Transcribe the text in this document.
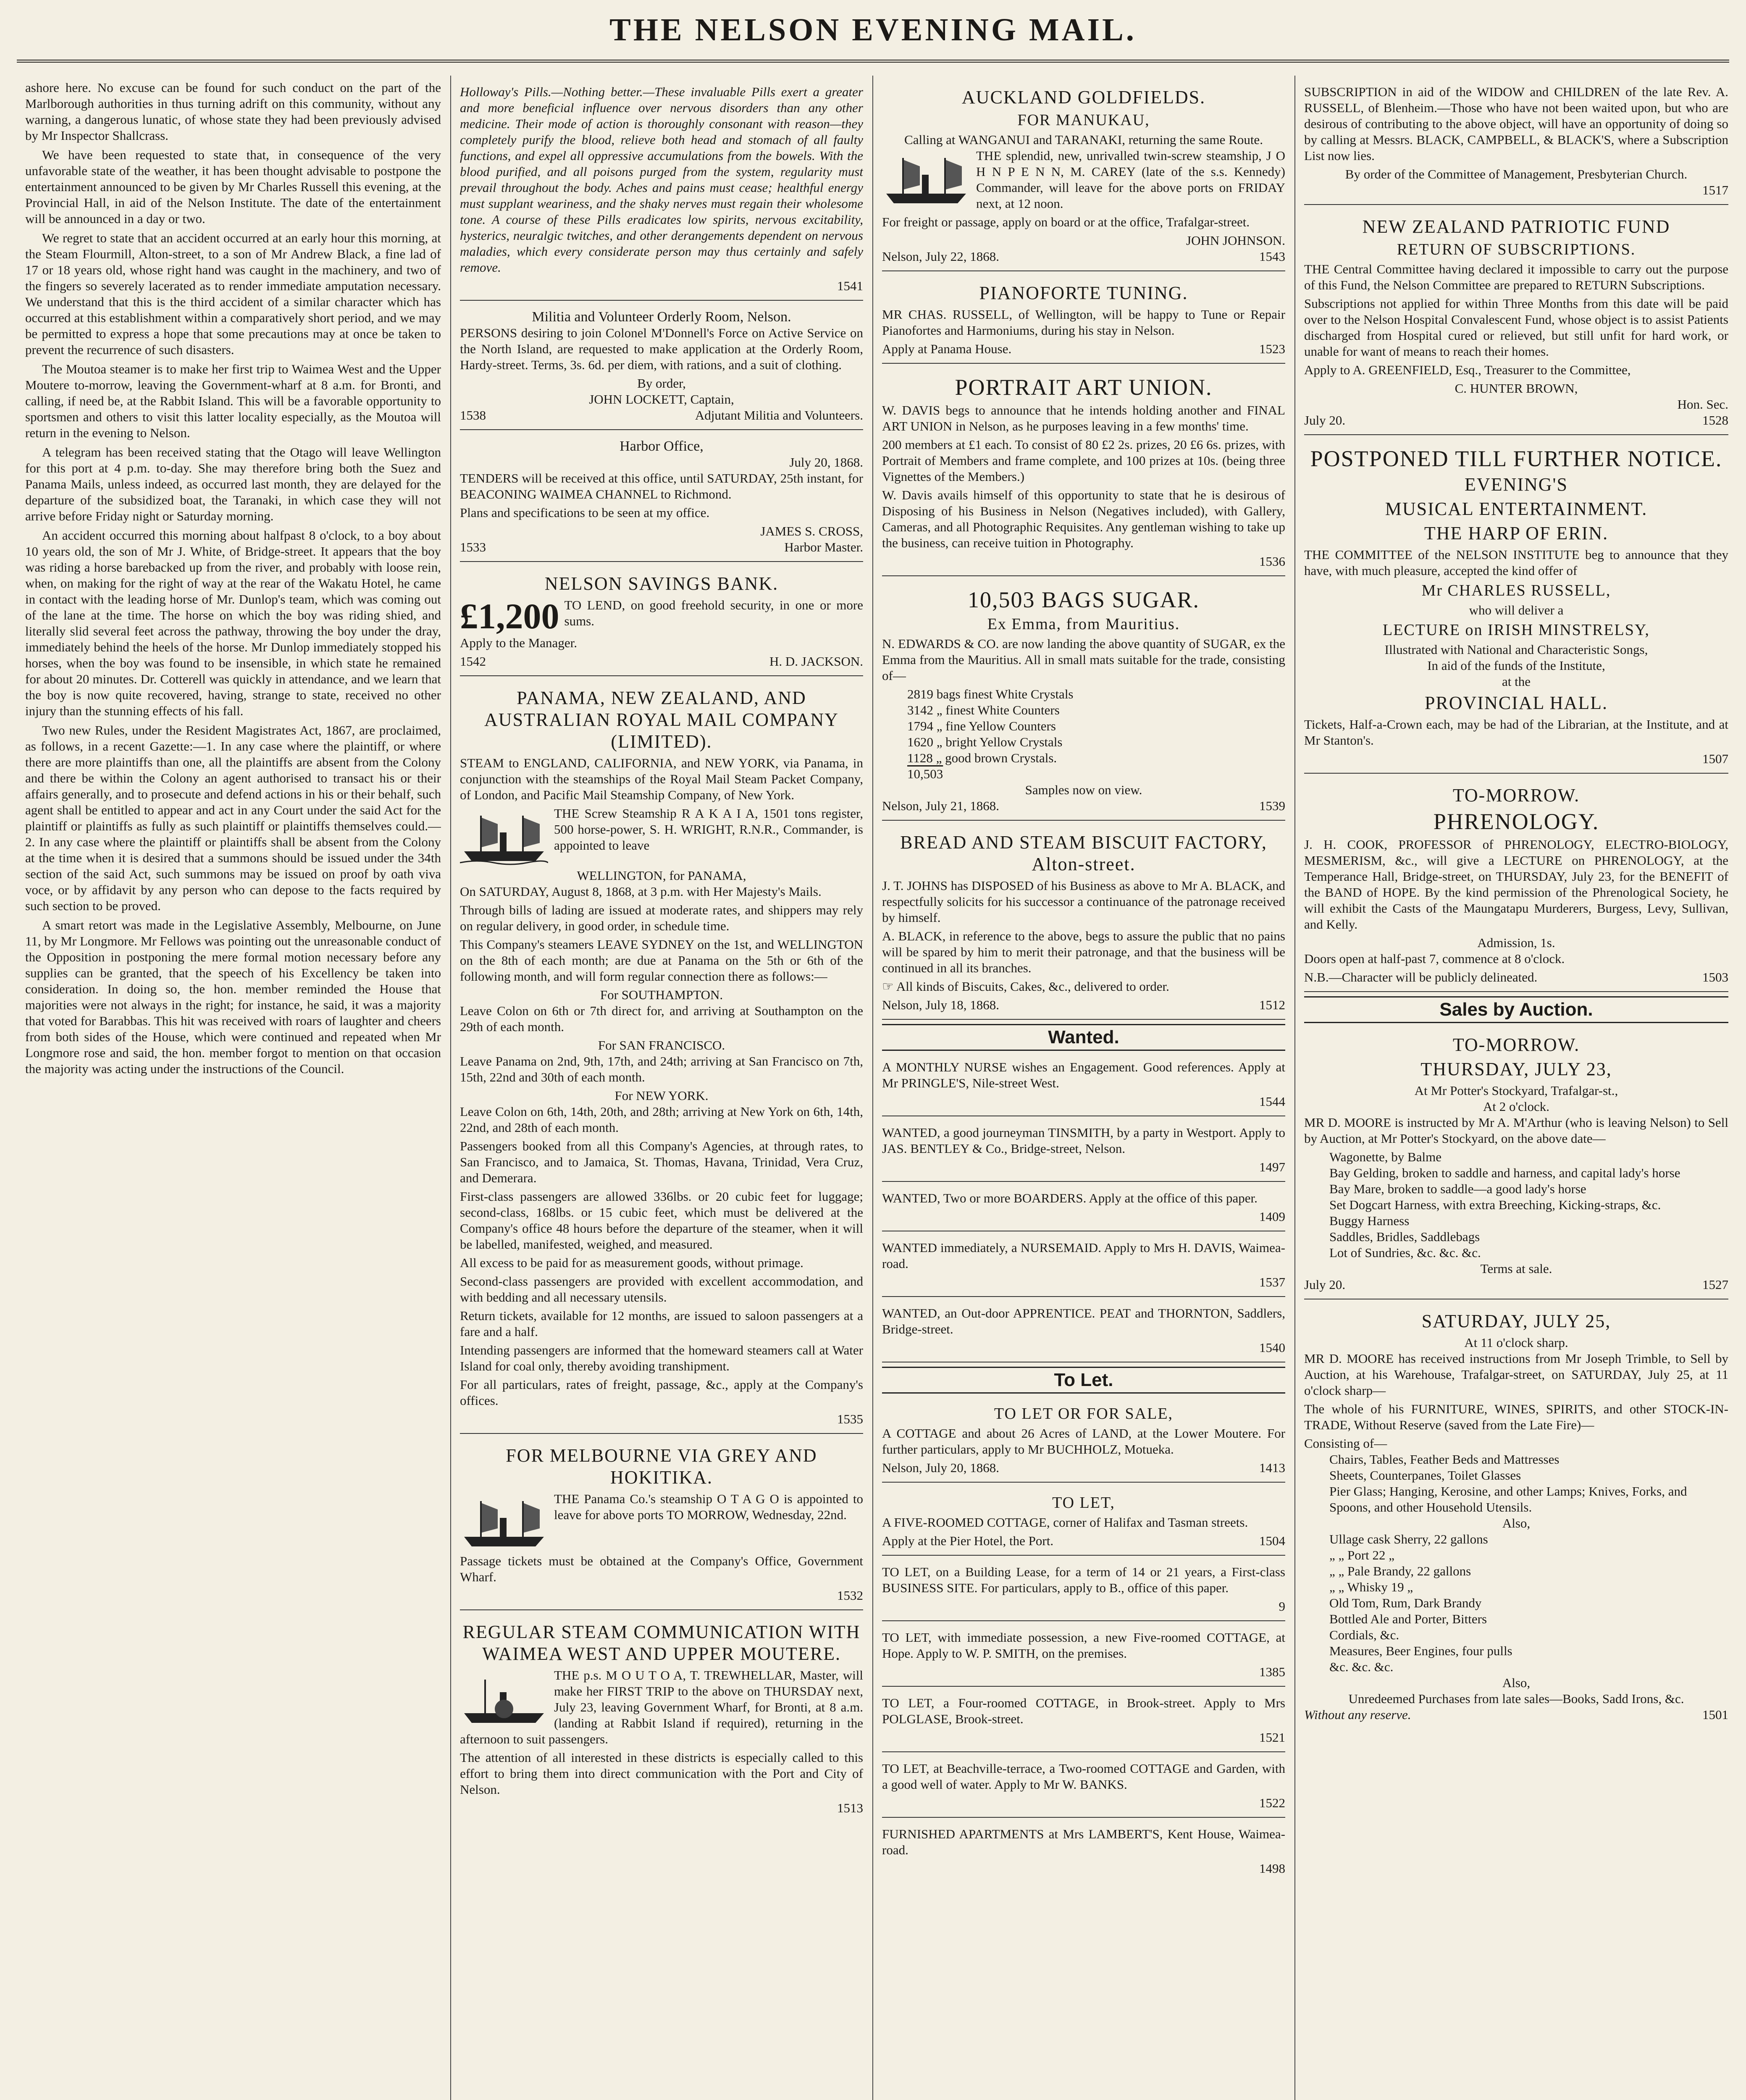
THE NELSON EVENING MAIL.

ashore here. No excuse can be found for such conduct on the part of the Marlborough authorities in thus turning adrift on this community, without any warning, a dangerous lunatic, of whose state they had been previously advised by Mr Inspector Shallcrass.

We have been requested to state that, in consequence of the very unfavorable state of the weather, it has been thought advisable to postpone the entertainment announced to be given by Mr Charles Russell this evening, at the Provincial Hall, in aid of the Nelson Institute. The date of the entertainment will be announced in a day or two.

We regret to state that an accident occurred at an early hour this morning, at the Steam Flourmill, Alton-street, to a son of Mr Andrew Black, a fine lad of 17 or 18 years old, whose right hand was caught in the machinery, and two of the fingers so severely lacerated as to render immediate amputation necessary. We understand that this is the third accident of a similar character which has occurred at this establishment within a comparatively short period, and we may be permitted to express a hope that some precautions may at once be taken to prevent the recurrence of such disasters.

The Moutoa steamer is to make her first trip to Waimea West and the Upper Moutere to-morrow, leaving the Government-wharf at 8 a.m. for Bronti, and calling, if need be, at the Rabbit Island. This will be a favorable opportunity to sportsmen and others to visit this latter locality especially, as the Moutoa will return in the evening to Nelson.

A telegram has been received stating that the Otago will leave Wellington for this port at 4 p.m. to-day. She may therefore bring both the Suez and Panama Mails, unless indeed, as occurred last month, they are delayed for the departure of the subsidized boat, the Taranaki, in which case they will not arrive before Friday night or Saturday morning.

An accident occurred this morning about halfpast 8 o'clock, to a boy about 10 years old, the son of Mr J. White, of Bridge-street. It appears that the boy was riding a horse barebacked up from the river, and probably with loose rein, when, on making for the right of way at the rear of the Wakatu Hotel, he came in contact with the leading horse of Mr. Dunlop's team, which was coming out of the lane at the time. The horse on which the boy was riding shied, and literally slid several feet across the pathway, throwing the boy under the dray, immediately behind the heels of the horse. Mr Dunlop immediately stopped his horses, when the boy was found to be insensible, in which state he remained for about 20 minutes. Dr. Cotterell was quickly in attendance, and we learn that the boy is now quite recovered, having, strange to state, received no other injury than the stunning effects of his fall.

Two new Rules, under the Resident Magistrates Act, 1867, are proclaimed, as follows, in a recent Gazette:—1. In any case where the plaintiff, or where there are more plaintiffs than one, all the plaintiffs are absent from the Colony and there be within the Colony an agent authorised to transact his or their affairs generally, and to prosecute and defend actions in his or their behalf, such agent shall be entitled to appear and act in any Court under the said Act for the plaintiff or plaintiffs as fully as such plaintiff or plaintiffs themselves could.—2. In any case where the plaintiff or plaintiffs shall be absent from the Colony at the time when it is desired that a summons should be issued under the 34th section of the said Act, such summons may be issued on proof by oath viva voce, or by affidavit by any person who can depose to the facts required by such section to be proved.

A smart retort was made in the Legislative Assembly, Melbourne, on June 11, by Mr Longmore. Mr Fellows was pointing out the unreasonable conduct of the Opposition in postponing the mere formal motion necessary before any supplies can be granted, that the speech of his Excellency be taken into consideration. In doing so, the hon. member reminded the House that majorities were not always in the right; for instance, he said, it was a majority that voted for Barabbas. This hit was received with roars of laughter and cheers from both sides of the House, which were continued and repeated when Mr Longmore rose and said, the hon. member forgot to mention on that occasion the majority was acting under the instructions of the Council.

Holloway's Pills.—Nothing better.—These invaluable Pills exert a greater and more beneficial influence over nervous disorders than any other medicine. Their mode of action is thoroughly consonant with reason—they completely purify the blood, relieve both head and stomach of all faulty functions, and expel all oppressive accumulations from the bowels. With the blood purified, and all poisons purged from the system, regularity must prevail throughout the body. Aches and pains must cease; healthful energy must supplant weariness, and the shaky nerves must regain their wholesome tone. A course of these Pills eradicates low spirits, nervous excitability, hysterics, neuralgic twitches, and other derangements dependent on nervous maladies, which every considerate person may thus certainly and safely remove.

1541
Militia and Volunteer Orderly Room, Nelson.

PERSONS desiring to join Colonel M'Donnell's Force on Active Service on the North Island, are requested to make application at the Orderly Room, Hardy-street. Terms, 3s. 6d. per diem, with rations, and a suit of clothing.

By order,
JOHN LOCKETT, Captain,
1538	Adjutant Militia and Volunteers.
Harbor Office,
July 20, 1868.

TENDERS will be received at this office, until SATURDAY, 25th instant, for BEACONING WAIMEA CHANNEL to Richmond.

Plans and specifications to be seen at my office.

JAMES S. CROSS,
1533	Harbor Master.
NELSON SAVINGS BANK.
£1,200 TO LEND, on good freehold security, in one or more sums.

Apply to the Manager.

1542	H. D. JACKSON.
PANAMA, NEW ZEALAND, AND AUSTRALIAN ROYAL MAIL COMPANY (LIMITED).

STEAM to ENGLAND, CALIFORNIA, and NEW YORK, via Panama, in conjunction with the steamships of the Royal Mail Steam Packet Company, of London, and Pacific Mail Steamship Company, of New York.

THE Screw Steamship R A K A I A, 1501 tons register, 500 horse-power, S. H. WRIGHT, R.N.R., Commander, is appointed to leave

WELLINGTON, for PANAMA,

On SATURDAY, August 8, 1868, at 3 p.m. with Her Majesty's Mails.

Through bills of lading are issued at moderate rates, and shippers may rely on regular delivery, in good order, in schedule time.

This Company's steamers LEAVE SYDNEY on the 1st, and WELLINGTON on the 8th of each month; are due at Panama on the 5th or 6th of the following month, and will form regular connection there as follows:—

For SOUTHAMPTON.

Leave Colon on 6th or 7th direct for, and arriving at Southampton on the 29th of each month.

For SAN FRANCISCO.

Leave Panama on 2nd, 9th, 17th, and 24th; arriving at San Francisco on 7th, 15th, 22nd and 30th of each month.

For NEW YORK.

Leave Colon on 6th, 14th, 20th, and 28th; arriving at New York on 6th, 14th, 22nd, and 28th of each month.

Passengers booked from all this Company's Agencies, at through rates, to San Francisco, and to Jamaica, St. Thomas, Havana, Trinidad, Vera Cruz, and Demerara.

First-class passengers are allowed 336lbs. or 20 cubic feet for luggage; second-class, 168lbs. or 15 cubic feet, which must be delivered at the Company's office 48 hours before the departure of the steamer, when it will be labelled, manifested, weighed, and measured.

All excess to be paid for as measurement goods, without primage.

Second-class passengers are provided with excellent accommodation, and with bedding and all necessary utensils.

Return tickets, available for 12 months, are issued to saloon passengers at a fare and a half.

Intending passengers are informed that the homeward steamers call at Water Island for coal only, thereby avoiding transhipment.

For all particulars, rates of freight, passage, &c., apply at the Company's offices.

1535
FOR MELBOURNE VIA GREY AND HOKITIKA.

THE Panama Co.'s steamship O T A G O is appointed to leave for above ports TO MORROW, Wednesday, 22nd.

Passage tickets must be obtained at the Company's Office, Government Wharf.

1532
REGULAR STEAM COMMUNICATION WITH WAIMEA WEST AND UPPER MOUTERE.

THE p.s. M O U T O A, T. TREWHELLAR, Master, will make her FIRST TRIP to the above on THURSDAY next, July 23, leaving Government Wharf, for Bronti, at 8 a.m. (landing at Rabbit Island if required), returning in the afternoon to suit passengers.

The attention of all interested in these districts is especially called to this effort to bring them into direct communication with the Port and City of Nelson.

1513
AUCKLAND GOLDFIELDS.
FOR MANUKAU,
Calling at WANGANUI and TARANAKI, returning the same Route.

THE splendid, new, unrivalled twin-screw steamship, J O H N P E N N, M. CAREY (late of the s.s. Kennedy) Commander, will leave for the above ports on FRIDAY next, at 12 noon.

For freight or passage, apply on board or at the office, Trafalgar-street.

JOHN JOHNSON.
Nelson, July 22, 1868.	1543
PIANOFORTE TUNING.

MR CHAS. RUSSELL, of Wellington, will be happy to Tune or Repair Pianofortes and Harmoniums, during his stay in Nelson.

Apply at Panama House.	1523
PORTRAIT ART UNION.

W. DAVIS begs to announce that he intends holding another and FINAL ART UNION in Nelson, as he purposes leaving in a few months' time.

200 members at £1 each. To consist of 80 £2 2s. prizes, 20 £6 6s. prizes, with Portrait of Members and frame complete, and 100 prizes at 10s. (being three Vignettes of the Members.)

W. Davis avails himself of this opportunity to state that he is desirous of Disposing of his Business in Nelson (Negatives included), with Gallery, Cameras, and all Photographic Requisites. Any gentleman wishing to take up the business, can receive tuition in Photography.

1536
10,503 BAGS SUGAR.
Ex Emma, from Mauritius.

N. EDWARDS & CO. are now landing the above quantity of SUGAR, ex the Emma from the Mauritius. All in small mats suitable for the trade, consisting of—

2819 bags finest White Crystals
3142 „ finest White Counters
1794 „ fine Yellow Counters
1620 „ bright Yellow Crystals
1128 „ good brown Crystals.
10,503
Samples now on view.
Nelson, July 21, 1868.	1539
BREAD AND STEAM BISCUIT FACTORY, Alton-street.

J. T. JOHNS has DISPOSED of his Business as above to Mr A. BLACK, and respectfully solicits for his successor a continuance of the patronage received by himself.

A. BLACK, in reference to the above, begs to assure the public that no pains will be spared by him to merit their patronage, and that the business will be continued in all its branches.

☞ All kinds of Biscuits, Cakes, &c., delivered to order.

Nelson, July 18, 1868.	1512
Wanted.

A MONTHLY NURSE wishes an Engagement. Good references. Apply at Mr PRINGLE'S, Nile-street West.

1544

WANTED, a good journeyman TINSMITH, by a party in Westport. Apply to JAS. BENTLEY & Co., Bridge-street, Nelson.

1497

WANTED, Two or more BOARDERS. Apply at the office of this paper.

1409

WANTED immediately, a NURSEMAID. Apply to Mrs H. DAVIS, Waimea-road.

1537

WANTED, an Out-door APPRENTICE. PEAT and THORNTON, Saddlers, Bridge-street.

1540
To Let.
TO LET OR FOR SALE,

A COTTAGE and about 26 Acres of LAND, at the Lower Moutere. For further particulars, apply to Mr BUCHHOLZ, Motueka.

Nelson, July 20, 1868.	1413
TO LET,

A FIVE-ROOMED COTTAGE, corner of Halifax and Tasman streets.

Apply at the Pier Hotel, the Port.	1504

TO LET, on a Building Lease, for a term of 14 or 21 years, a First-class BUSINESS SITE. For particulars, apply to B., office of this paper.

9

TO LET, with immediate possession, a new Five-roomed COTTAGE, at Hope. Apply to W. P. SMITH, on the premises.

1385

TO LET, a Four-roomed COTTAGE, in Brook-street. Apply to Mrs POLGLASE, Brook-street.

1521

TO LET, at Beachville-terrace, a Two-roomed COTTAGE and Garden, with a good well of water. Apply to Mr W. BANKS.

1522

FURNISHED APARTMENTS at Mrs LAMBERT'S, Kent House, Waimea-road.

1498

SUBSCRIPTION in aid of the WIDOW and CHILDREN of the late Rev. A. RUSSELL, of Blenheim.—Those who have not been waited upon, but who are desirous of contributing to the above object, will have an opportunity of doing so by calling at Messrs. BLACK, CAMPBELL, & BLACK'S, where a Subscription List now lies.

By order of the Committee of Management, Presbyterian Church.
1517
NEW ZEALAND PATRIOTIC FUND
RETURN OF SUBSCRIPTIONS.

THE Central Committee having declared it impossible to carry out the purpose of this Fund, the Nelson Committee are prepared to RETURN Subscriptions.

Subscriptions not applied for within Three Months from this date will be paid over to the Nelson Hospital Convalescent Fund, whose object is to assist Patients discharged from Hospital cured or relieved, but still unfit for hard work, or unable for want of means to reach their homes.

Apply to A. GREENFIELD, Esq., Treasurer to the Committee,

C. HUNTER BROWN,
Hon. Sec.
July 20.	1528
POSTPONED TILL FURTHER NOTICE.
EVENING'S
MUSICAL ENTERTAINMENT.
THE HARP OF ERIN.

THE COMMITTEE of the NELSON INSTITUTE beg to announce that they have, with much pleasure, accepted the kind offer of

Mr CHARLES RUSSELL,
who will deliver a
LECTURE on IRISH MINSTRELSY,
Illustrated with National and Characteristic Songs,
In aid of the funds of the Institute,
at the
PROVINCIAL HALL.

Tickets, Half-a-Crown each, may be had of the Librarian, at the Institute, and at Mr Stanton's.

1507
TO-MORROW.
PHRENOLOGY.

J. H. COOK, PROFESSOR of PHRENOLOGY, ELECTRO-BIOLOGY, MESMERISM, &c., will give a LECTURE on PHRENOLOGY, at the Temperance Hall, Bridge-street, on THURSDAY, July 23, for the BENEFIT of the BAND of HOPE. By the kind permission of the Phrenological Society, he will exhibit the Casts of the Maungatapu Murderers, Burgess, Levy, Sullivan, and Kelly.

Admission, 1s.

Doors open at half-past 7, commence at 8 o'clock.

N.B.—Character will be publicly delineated.	1503
Sales by Auction.
TO-MORROW.
THURSDAY, JULY 23,
At Mr Potter's Stockyard, Trafalgar-st.,
At 2 o'clock.

MR D. MOORE is instructed by Mr A. M'Arthur (who is leaving Nelson) to Sell by Auction, at Mr Potter's Stockyard, on the above date—

Wagonette, by Balme
Bay Gelding, broken to saddle and harness, and capital lady's horse
Bay Mare, broken to saddle—a good lady's horse
Set Dogcart Harness, with extra Breeching, Kicking-straps, &c.
Buggy Harness
Saddles, Bridles, Saddlebags
Lot of Sundries, &c. &c. &c.
Terms at sale.
July 20.	1527
SATURDAY, JULY 25,
At 11 o'clock sharp.

MR D. MOORE has received instructions from Mr Joseph Trimble, to Sell by Auction, at his Warehouse, Trafalgar-street, on SATURDAY, July 25, at 11 o'clock sharp—

The whole of his FURNITURE, WINES, SPIRITS, and other STOCK-IN-TRADE, Without Reserve (saved from the Late Fire)—

Consisting of—
Chairs, Tables, Feather Beds and Mattresses
Sheets, Counterpanes, Toilet Glasses
Pier Glass; Hanging, Kerosine, and other Lamps; Knives, Forks, and Spoons, and other Household Utensils.
Also,
Ullage cask Sherry, 22 gallons
„ „ Port 22 „
„ „ Pale Brandy, 22 gallons
„ „ Whisky 19 „
Old Tom, Rum, Dark Brandy
Bottled Ale and Porter, Bitters
Cordials, &c.
Measures, Beer Engines, four pulls
&c. &c. &c.
Also,
Unredeemed Purchases from late sales—Books, Sadd Irons, &c.
Without any reserve.	1501
